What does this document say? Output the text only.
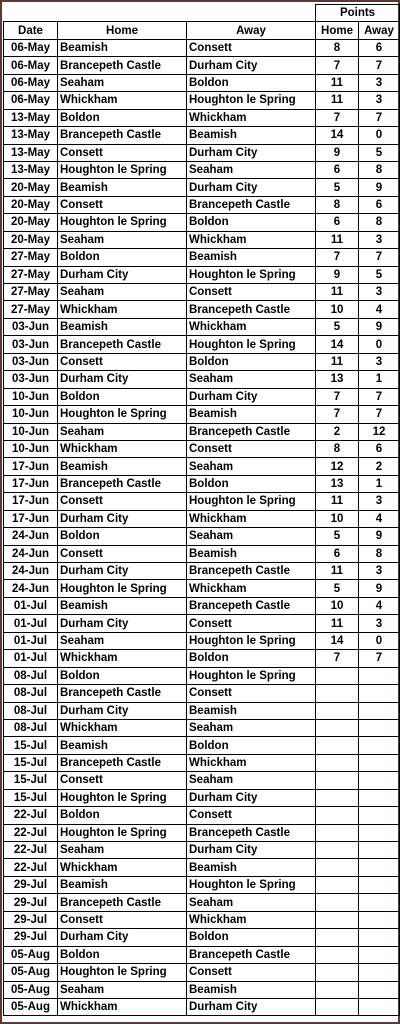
			Points	
Date	Home	Away	Home	Away
06-May	Beamish	Consett	8	6
06-May	Brancepeth Castle	Durham City	7	7
06-May	Seaham	Boldon	11	3
06-May	Whickham	Houghton le Spring	11	3
13-May	Boldon	Whickham	7	7
13-May	Brancepeth Castle	Beamish	14	0
13-May	Consett	Durham City	9	5
13-May	Houghton le Spring	Seaham	6	8
20-May	Beamish	Durham City	5	9
20-May	Consett	Brancepeth Castle	8	6
20-May	Houghton le Spring	Boldon	6	8
20-May	Seaham	Whickham	11	3
27-May	Boldon	Beamish	7	7
27-May	Durham City	Houghton le Spring	9	5
27-May	Seaham	Consett	11	3
27-May	Whickham	Brancepeth Castle	10	4
03-Jun	Beamish	Whickham	5	9
03-Jun	Brancepeth Castle	Houghton le Spring	14	0
03-Jun	Consett	Boldon	11	3
03-Jun	Durham City	Seaham	13	1
10-Jun	Boldon	Durham City	7	7
10-Jun	Houghton le Spring	Beamish	7	7
10-Jun	Seaham	Brancepeth Castle	2	12
10-Jun	Whickham	Consett	8	6
17-Jun	Beamish	Seaham	12	2
17-Jun	Brancepeth Castle	Boldon	13	1
17-Jun	Consett	Houghton le Spring	11	3
17-Jun	Durham City	Whickham	10	4
24-Jun	Boldon	Seaham	5	9
24-Jun	Consett	Beamish	6	8
24-Jun	Durham City	Brancepeth Castle	11	3
24-Jun	Houghton le Spring	Whickham	5	9
01-Jul	Beamish	Brancepeth Castle	10	4
01-Jul	Durham City	Consett	11	3
01-Jul	Seaham	Houghton le Spring	14	0
01-Jul	Whickham	Boldon	7	7
08-Jul	Boldon	Houghton le Spring		
08-Jul	Brancepeth Castle	Consett		
08-Jul	Durham City	Beamish		
08-Jul	Whickham	Seaham		
15-Jul	Beamish	Boldon		
15-Jul	Brancepeth Castle	Whickham		
15-Jul	Consett	Seaham		
15-Jul	Houghton le Spring	Durham City		
22-Jul	Boldon	Consett		
22-Jul	Houghton le Spring	Brancepeth Castle		
22-Jul	Seaham	Durham City		
22-Jul	Whickham	Beamish		
29-Jul	Beamish	Houghton le Spring		
29-Jul	Brancepeth Castle	Seaham		
29-Jul	Consett	Whickham		
29-Jul	Durham City	Boldon		
05-Aug	Boldon	Brancepeth Castle		
05-Aug	Houghton le Spring	Consett		
05-Aug	Seaham	Beamish		
05-Aug	Whickham	Durham City		
